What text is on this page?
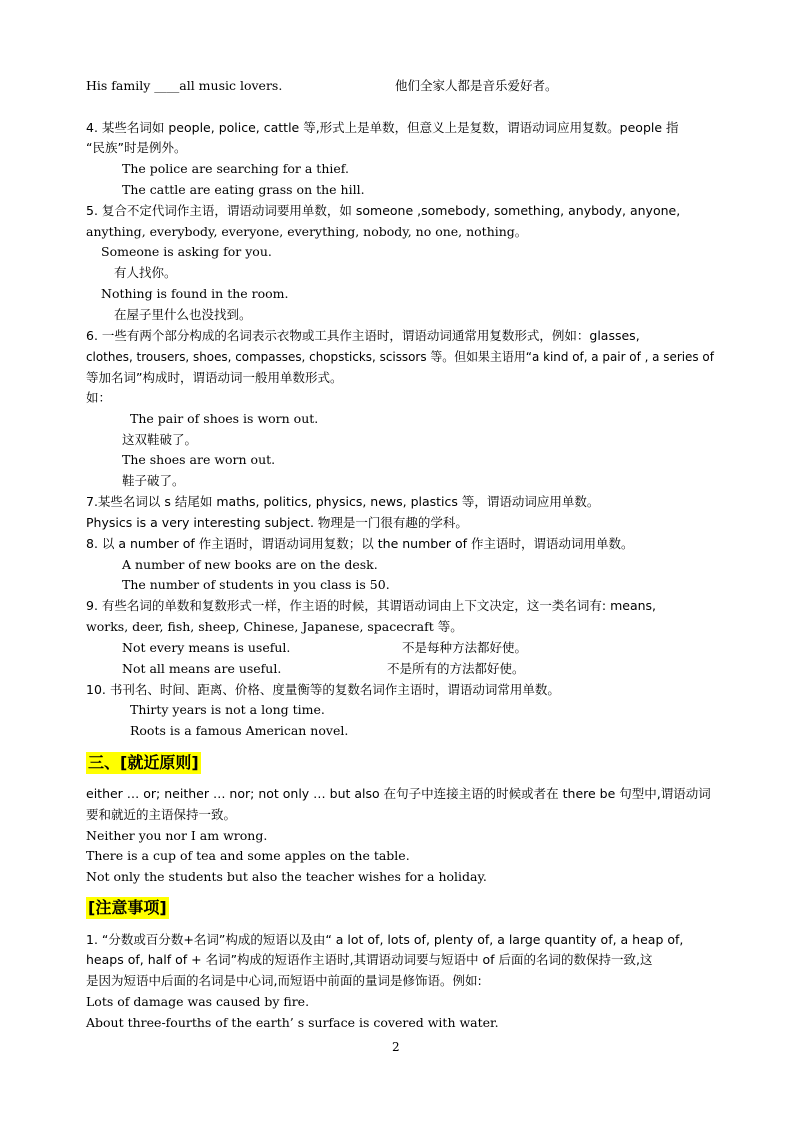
His family ____all music lovers.	他们全家人都是音乐爱好者。
4. 某些名词如 people, police, cattle 等,形式上是单数，但意义上是复数，谓语动词应用复数。people 指
“民族”时是例外。
The police are searching for a thief.
The cattle are eating grass on the hill.
5. 复合不定代词作主语，谓语动词要用单数，如 someone ,somebody, something, anybody, anyone,
anything, everybody, everyone, everything, nobody, no one, nothing。
Someone is asking for you.
有人找你。
Nothing is found in the room.
在屋子里什么也没找到。
6. 一些有两个部分构成的名词表示衣物或工具作主语时，谓语动词通常用复数形式，例如：glasses,
clothes, trousers, shoes, compasses, chopsticks, scissors 等。但如果主语用“a kind of, a pair of , a series of
等加名词”构成时，谓语动词一般用单数形式。
如：
The pair of shoes is worn out.
这双鞋破了。
The shoes are worn out.
鞋子破了。
7.某些名词以 s 结尾如 maths, politics, physics, news, plastics 等，谓语动词应用单数。
Physics is a very interesting subject. 物理是一门很有趣的学科。
8. 以 a number of 作主语时，谓语动词用复数；以 the number of 作主语时，谓语动词用单数。
A number of new books are on the desk.
The number of students in you class is 50.
9. 有些名词的单数和复数形式一样，作主语的时候，其谓语动词由上下文决定，这一类名词有: means,
works, deer, fish, sheep, Chinese, Japanese, spacecraft 等。
Not every means is useful.	不是每种方法都好使。
Not all means are useful.	不是所有的方法都好使。
10. 书刊名、时间、距离、价格、度量衡等的复数名词作主语时，谓语动词常用单数。
Thirty years is not a long time.
Roots is a famous American novel.
三、[就近原则]
either … or; neither … nor; not only … but also 在句子中连接主语的时候或者在 there be 句型中,谓语动词
要和就近的主语保持一致。
Neither you nor I am wrong.
There is a cup of tea and some apples on the table.
Not only the students but also the teacher wishes for a holiday.
[注意事项]
1. “分数或百分数+名词”构成的短语以及由“ a lot of, lots of, plenty of, a large quantity of, a heap of,
heaps of, half of + 名词”构成的短语作主语时,其谓语动词要与短语中 of 后面的名词的数保持一致,这
是因为短语中后面的名词是中心词,而短语中前面的量词是修饰语。例如:
Lots of damage was caused by fire.
About three-fourths of the earth’ s surface is covered with water.
2
